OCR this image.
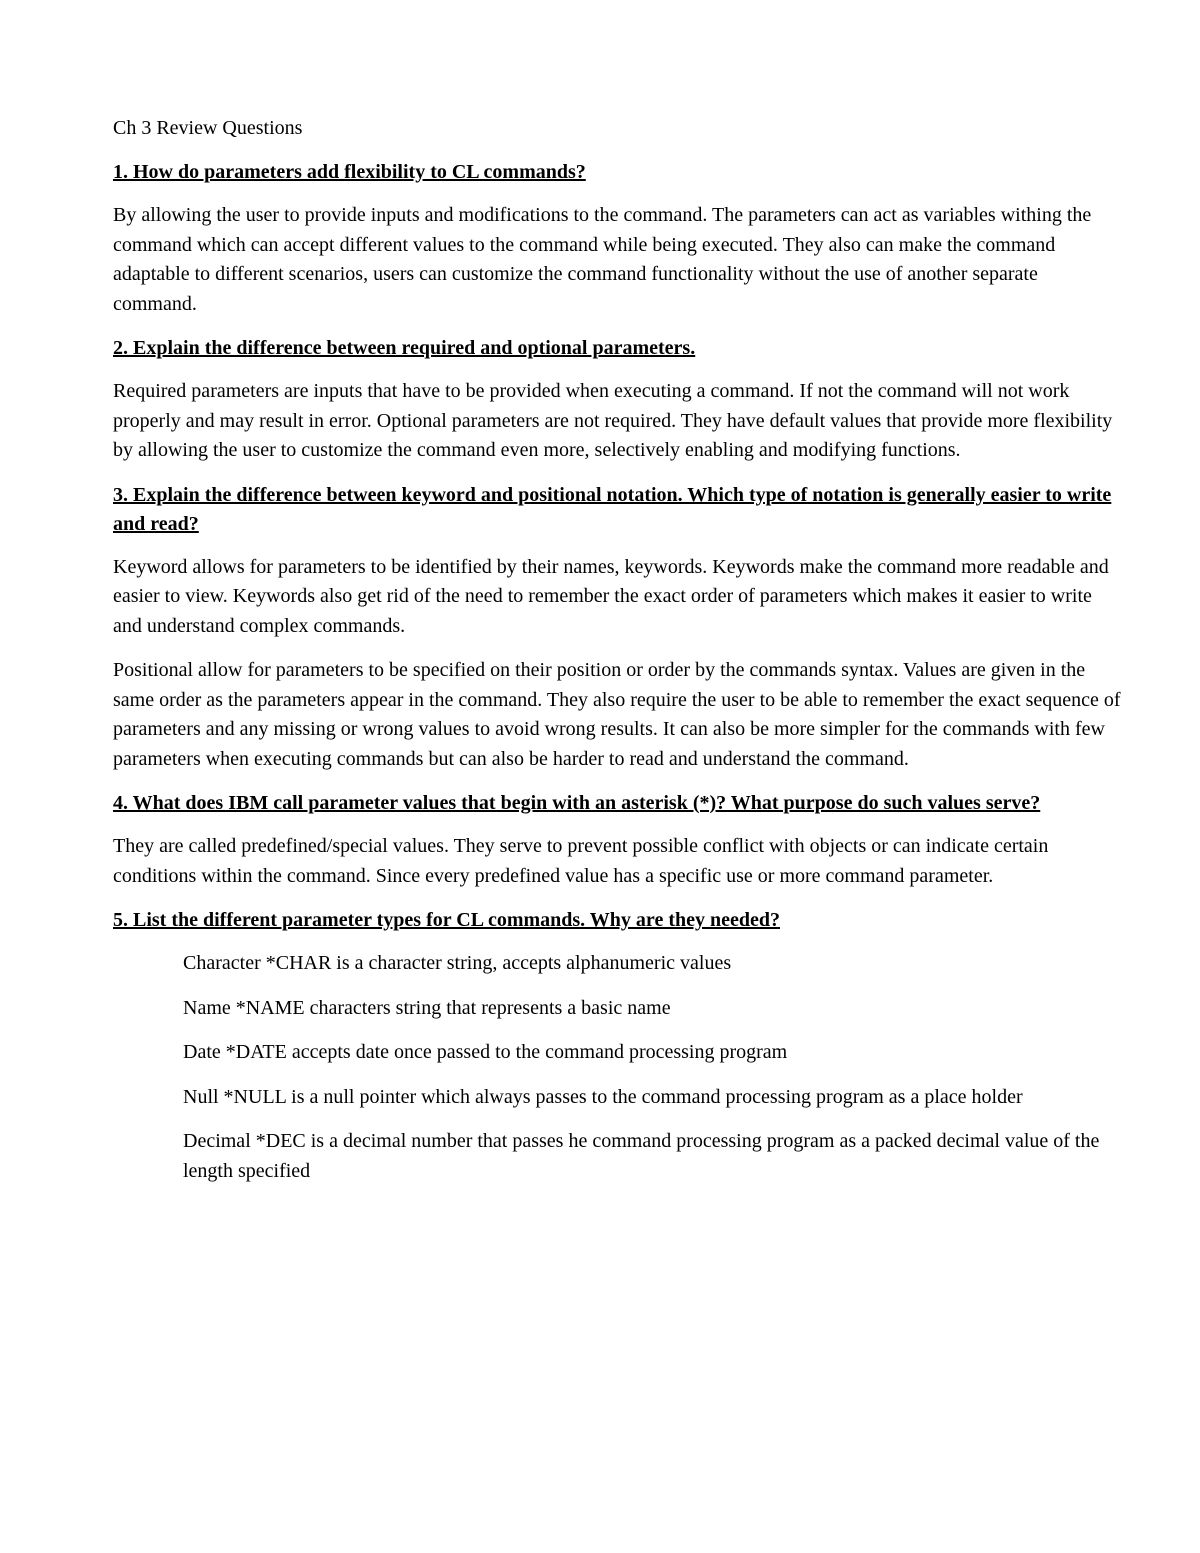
Ch 3 Review Questions

1. How do parameters add flexibility to CL commands?

By allowing the user to provide inputs and modifications to the command. The parameters can act as variables withing the command which can accept different values to the command while being executed. They also can make the command adaptable to different scenarios, users can customize the command functionality without the use of another separate command.

2. Explain the difference between required and optional parameters.

Required parameters are inputs that have to be provided when executing a command. If not the command will not work properly and may result in error. Optional parameters are not required. They have default values that provide more flexibility by allowing the user to customize the command even more, selectively enabling and modifying functions.

3. Explain the difference between keyword and positional notation. Which type of notation is generally easier to write and read?

Keyword allows for parameters to be identified by their names, keywords. Keywords make the command more readable and easier to view. Keywords also get rid of the need to remember the exact order of parameters which makes it easier to write and understand complex commands.

Positional allow for parameters to be specified on their position or order by the commands syntax. Values are given in the same order as the parameters appear in the command. They also require the user to be able to remember the exact sequence of parameters and any missing or wrong values to avoid wrong results. It can also be more simpler for the commands with few parameters when executing commands but can also be harder to read and understand the command.

4. What does IBM call parameter values that begin with an asterisk (*)? What purpose do such values serve?

They are called predefined/special values. They serve to prevent possible conflict with objects or can indicate certain conditions within the command. Since every predefined value has a specific use or more command parameter.

5. List the different parameter types for CL commands. Why are they needed?

Character *CHAR is a character string, accepts alphanumeric values
Name *NAME characters string that represents a basic name
Date *DATE accepts date once passed to the command processing program
Null *NULL is a null pointer which always passes to the command processing program as a place holder
Decimal *DEC is a decimal number that passes he command processing program as a packed decimal value of the length specified
